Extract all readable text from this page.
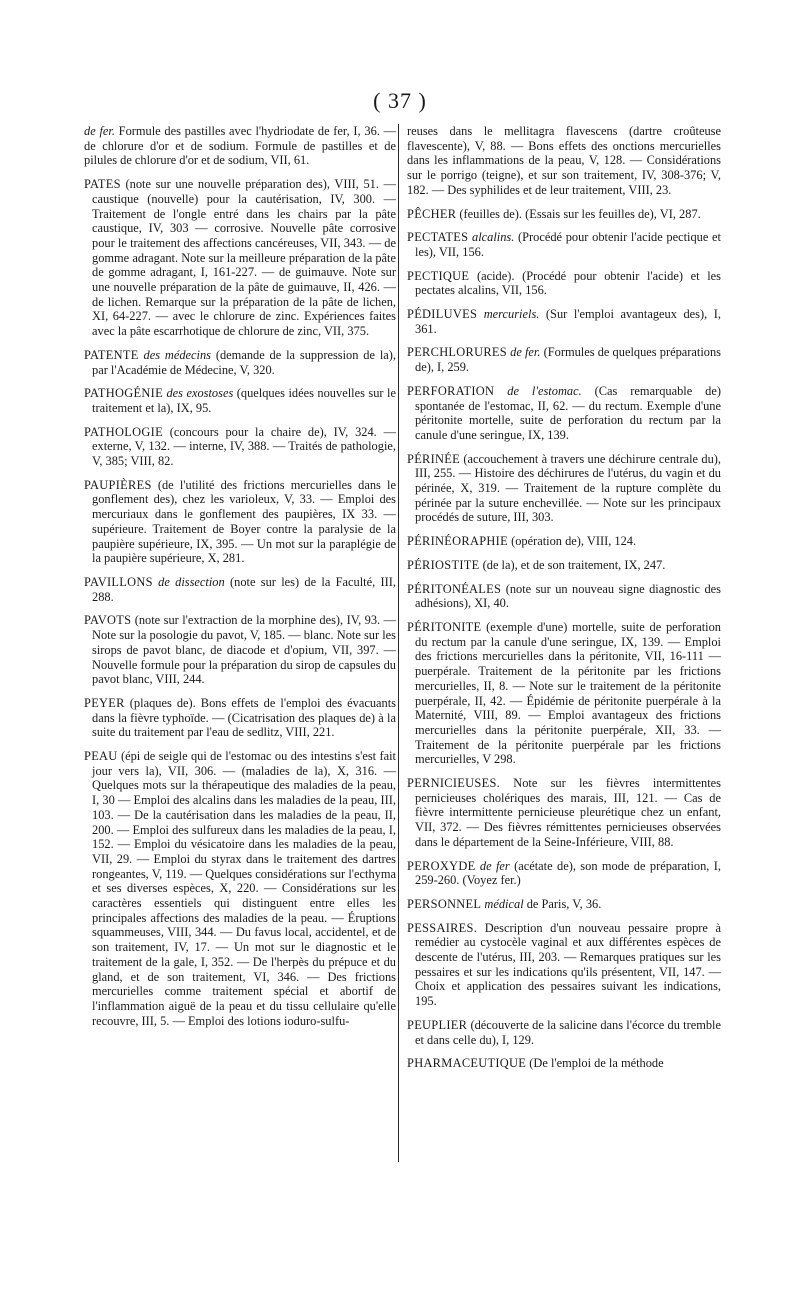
( 37 )

de fer. Formule des pastilles avec l'hydriodate de fer, I, 36. — de chlorure d'or et de sodium. Formule de pastilles et de pilules de chlorure d'or et de sodium, VII, 61.

PATES (note sur une nouvelle préparation des), VIII, 51. — caustique (nouvelle) pour la cautérisation, IV, 300. — Traitement de l'ongle entré dans les chairs par la pâte caustique, IV, 303 — corrosive. Nouvelle pâte corrosive pour le traitement des affections cancéreuses, VII, 343. — de gomme adragant. Note sur la meilleure préparation de la pâte de gomme adragant, I, 161-227. — de guimauve. Note sur une nouvelle préparation de la pâte de guimauve, II, 426. — de lichen. Remarque sur la préparation de la pâte de lichen, XI, 64-227. — avec le chlorure de zinc. Expériences faites avec la pâte escarrhotique de chlorure de zinc, VII, 375.

PATENTE des médecins (demande de la suppression de la), par l'Académie de Médecine, V, 320.

PATHOGÉNIE des exostoses (quelques idées nouvelles sur le traitement et la), IX, 95.

PATHOLOGIE (concours pour la chaire de), IV, 324. — externe, V, 132. — interne, IV, 388. — Traités de pathologie, V, 385; VIII, 82.

PAUPIÈRES (de l'utilité des frictions mercurielles dans le gonflement des), chez les varioleux, V, 33. — Emploi des mercuriaux dans le gonflement des paupières, IX 33. — supérieure. Traitement de Boyer contre la paralysie de la paupière supérieure, IX, 395. — Un mot sur la paraplégie de la paupière supérieure, X, 281.

PAVILLONS de dissection (note sur les) de la Faculté, III, 288.

PAVOTS (note sur l'extraction de la morphine des), IV, 93. — Note sur la posologie du pavot, V, 185. — blanc. Note sur les sirops de pavot blanc, de diacode et d'opium, VII, 397. — Nouvelle formule pour la préparation du sirop de capsules du pavot blanc, VIII, 244.

PEYER (plaques de). Bons effets de l'emploi des évacuants dans la fièvre typhoïde. — (Cicatrisation des plaques de) à la suite du traitement par l'eau de sedlitz, VIII, 221.

PEAU (épi de seigle qui de l'estomac ou des intestins s'est fait jour vers la), VII, 306. — (maladies de la), X, 316. — Quelques mots sur la thérapeutique des maladies de la peau, I, 30 — Emploi des alcalins dans les maladies de la peau, III, 103. — De la cautérisation dans les maladies de la peau, II, 200. — Emploi des sulfureux dans les maladies de la peau, I, 152. — Emploi du vésicatoire dans les maladies de la peau, VII, 29. — Emploi du styrax dans le traitement des dartres rongeantes, V, 119. — Quelques considérations sur l'ecthyma et ses diverses espèces, X, 220. — Considérations sur les caractères essentiels qui distinguent entre elles les principales affections des maladies de la peau. — Éruptions squammeuses, VIII, 344. — Du favus local, accidentel, et de son traitement, IV, 17. — Un mot sur le diagnostic et le traitement de la gale, I, 352. — De l'herpès du prépuce et du gland, et de son traitement, VI, 346. — Des frictions mercurielles comme traitement spécial et abortif de l'inflammation aiguë de la peau et du tissu cellulaire qu'elle recouvre, III, 5. — Emploi des lotions ioduro-sulfu-

reuses dans le mellitagra flavescens (dartre croûteuse flavescente), V, 88. — Bons effets des onctions mercurielles dans les inflammations de la peau, V, 128. — Considérations sur le porrigo (teigne), et sur son traitement, IV, 308-376; V, 182. — Des syphilides et de leur traitement, VIII, 23.

PÊCHER (feuilles de). (Essais sur les feuilles de), VI, 287.

PECTATES alcalins. (Procédé pour obtenir l'acide pectique et les), VII, 156.

PECTIQUE (acide). (Procédé pour obtenir l'acide) et les pectates alcalins, VII, 156.

PÉDILUVES mercuriels. (Sur l'emploi avantageux des), I, 361.

PERCHLORURES de fer. (Formules de quelques préparations de), I, 259.

PERFORATION de l'estomac. (Cas remarquable de) spontanée de l'estomac, II, 62. — du rectum. Exemple d'une péritonite mortelle, suite de perforation du rectum par la canule d'une seringue, IX, 139.

PÉRINÉE (accouchement à travers une déchirure centrale du), III, 255. — Histoire des déchirures de l'utérus, du vagin et du périnée, X, 319. — Traitement de la rupture complète du périnée par la suture enchevillée. — Note sur les principaux procédés de suture, III, 303.

PÉRINÉORAPHIE (opération de), VIII, 124.

PÉRIOSTITE (de la), et de son traitement, IX, 247.

PÉRITONÉALES (note sur un nouveau signe diagnostic des adhésions), XI, 40.

PÉRITONITE (exemple d'une) mortelle, suite de perforation du rectum par la canule d'une seringue, IX, 139. — Emploi des frictions mercurielles dans la péritonite, VII, 16-111 — puerpérale. Traitement de la péritonite par les frictions mercurielles, II, 8. — Note sur le traitement de la péritonite puerpérale, II, 42. — Épidémie de péritonite puerpérale à la Maternité, VIII, 89. — Emploi avantageux des frictions mercurielles dans la péritonite puerpérale, XII, 33. — Traitement de la péritonite puerpérale par les frictions mercurielles, V 298.

PERNICIEUSES. Note sur les fièvres intermittentes pernicieuses cholériques des marais, III, 121. — Cas de fièvre intermittente pernicieuse pleurétique chez un enfant, VII, 372. — Des fièvres rémittentes pernicieuses observées dans le département de la Seine-Inférieure, VIII, 88.

PEROXYDE de fer (acétate de), son mode de préparation, I, 259-260. (Voyez fer.)

PERSONNEL médical de Paris, V, 36.

PESSAIRES. Description d'un nouveau pessaire propre à remédier au cystocèle vaginal et aux différentes espèces de descente de l'utérus, III, 203. — Remarques pratiques sur les pessaires et sur les indications qu'ils présentent, VII, 147. — Choix et application des pessaires suivant les indications, 195.

PEUPLIER (découverte de la salicine dans l'écorce du tremble et dans celle du), I, 129.

PHARMACEUTIQUE (De l'emploi de la méthode
